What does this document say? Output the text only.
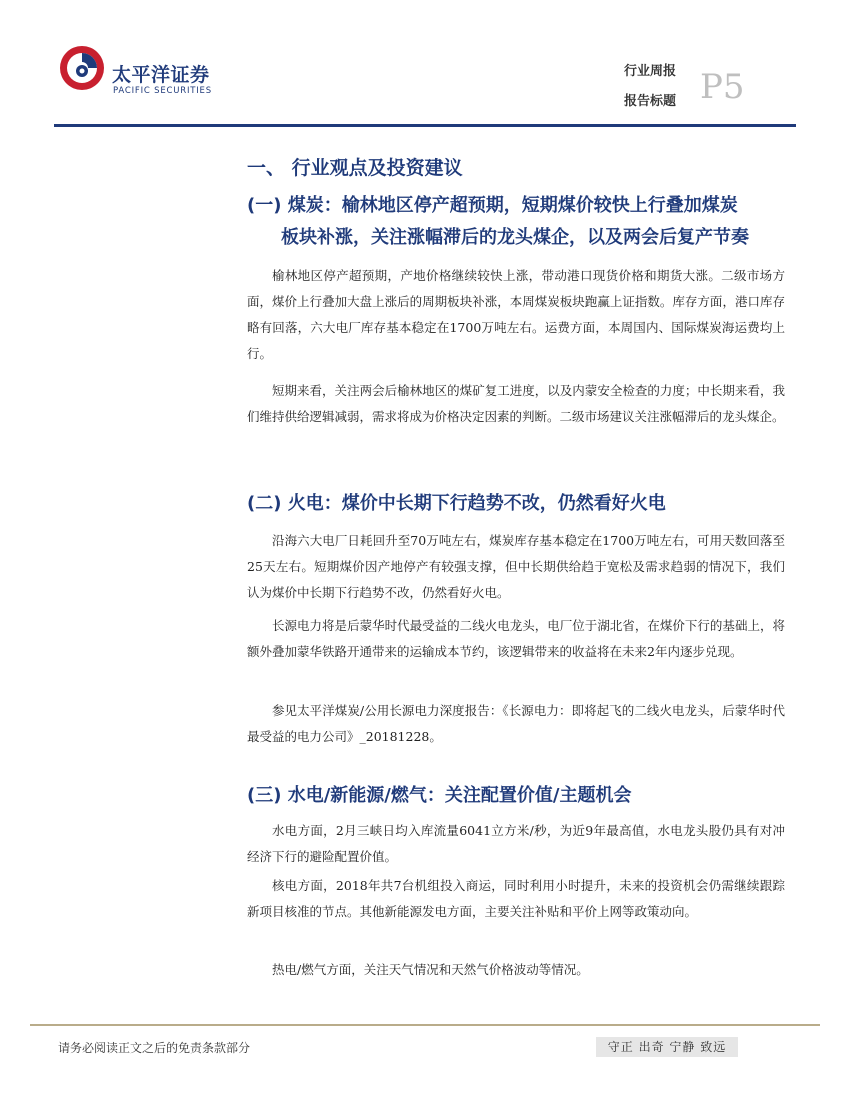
太平洋证券
PACIFIC SECURITIES
行业周报
报告标题 P5
一、 行业观点及投资建议
(一) 煤炭：榆林地区停产超预期，短期煤价较快上行叠加煤炭
板块补涨，关注涨幅滞后的龙头煤企，以及两会后复产节奏

榆林地区停产超预期，产地价格继续较快上涨，带动港口现货价格和期货大涨。二级市场方面，煤价上行叠加大盘上涨后的周期板块补涨，本周煤炭板块跑赢上证指数。库存方面，港口库存略有回落，六大电厂库存基本稳定在1700万吨左右。运费方面，本周国内、国际煤炭海运费均上行。

短期来看，关注两会后榆林地区的煤矿复工进度，以及内蒙安全检查的力度；中长期来看，我们维持供给逻辑减弱，需求将成为价格决定因素的判断。二级市场建议关注涨幅滞后的龙头煤企。

(二) 火电：煤价中长期下行趋势不改，仍然看好火电

沿海六大电厂日耗回升至70万吨左右，煤炭库存基本稳定在1700万吨左右，可用天数回落至25天左右。短期煤价因产地停产有较强支撑，但中长期供给趋于宽松及需求趋弱的情况下，我们认为煤价中长期下行趋势不改，仍然看好火电。

长源电力将是后蒙华时代最受益的二线火电龙头，电厂位于湖北省，在煤价下行的基础上，将额外叠加蒙华铁路开通带来的运输成本节约，该逻辑带来的收益将在未来2年内逐步兑现。

参见太平洋煤炭/公用长源电力深度报告：《长源电力：即将起飞的二线火电龙头，后蒙华时代最受益的电力公司》_20181228。

(三) 水电/新能源/燃气：关注配置价值/主题机会

水电方面，2月三峡日均入库流量6041立方米/秒，为近9年最高值，水电龙头股仍具有对冲经济下行的避险配置价值。

核电方面，2018年共7台机组投入商运，同时利用小时提升，未来的投资机会仍需继续跟踪新项目核准的节点。其他新能源发电方面，主要关注补贴和平价上网等政策动向。

热电/燃气方面，关注天气情况和天然气价格波动等情况。

请务必阅读正文之后的免责条款部分	守正 出奇 宁静 致远
